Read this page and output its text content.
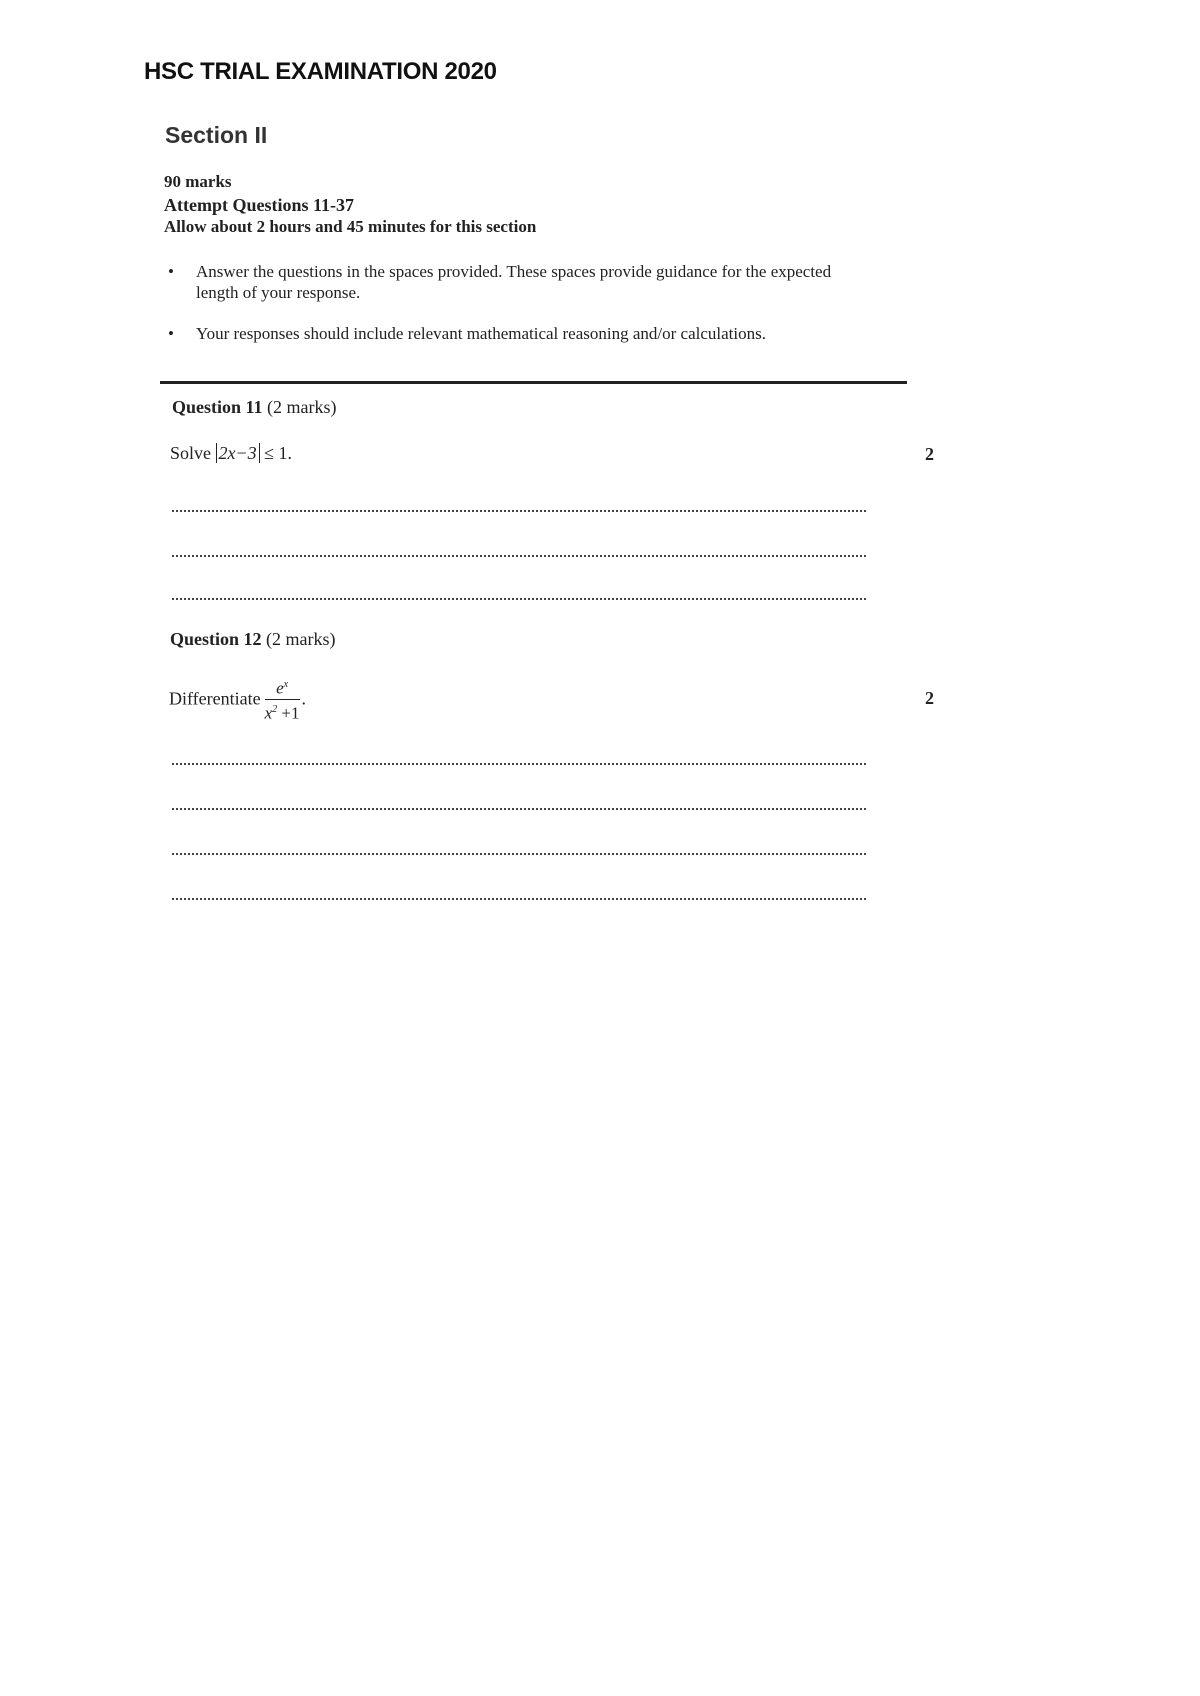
HSC TRIAL EXAMINATION 2020
Section II
90 marks
Attempt Questions 11-37
Allow about 2 hours and 45 minutes for this section
• Answer the questions in the spaces provided. These spaces provide guidance for the expected length of your response.
• Your responses should include relevant mathematical reasoning and/or calculations.
Question 11 (2 marks)
Solve 2x−3 ≤ 1.	2
Question 12 (2 marks)
Differentiate $\frac{e^x}{x^2 +1}$ .	2
